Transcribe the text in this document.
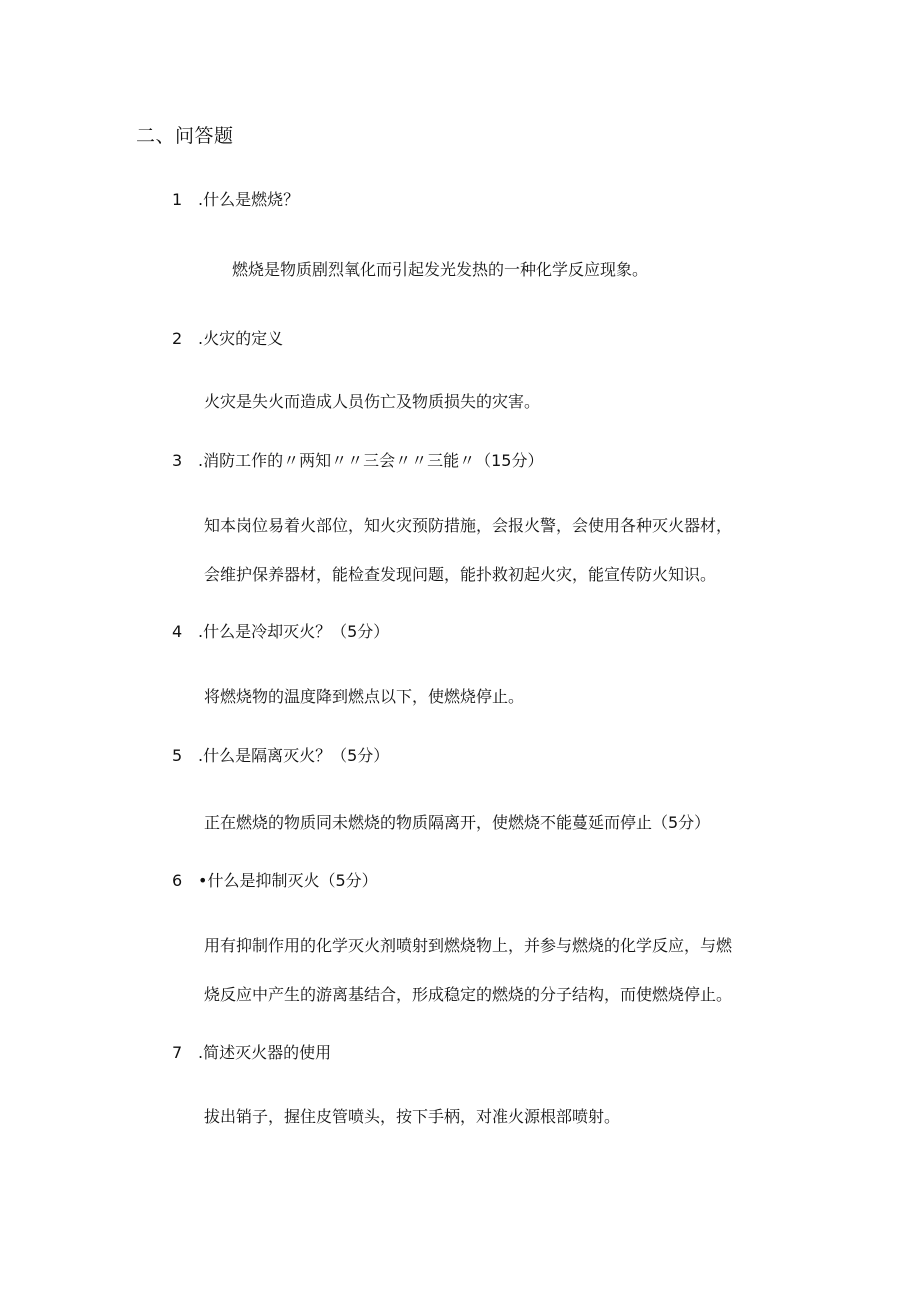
二、问答题
1 .什么是燃烧？
燃烧是物质剧烈氧化而引起发光发热的一种化学反应现象。
2 .火灾的定义
火灾是失火而造成人员伤亡及物质损失的灾害。
3 .消防工作的〃两知〃〃三会〃〃三能〃（15分）
知本岗位易着火部位，知火灾预防措施，会报火警，会使用各种灭火器材，
会维护保养器材，能检查发现问题，能扑救初起火灾，能宣传防火知识。
4 .什么是冷却灭火？（5分）
将燃烧物的温度降到燃点以下，使燃烧停止。
5 .什么是隔离灭火？（5分）
正在燃烧的物质同未燃烧的物质隔离开，使燃烧不能蔓延而停止（5分）
6 •什么是抑制灭火（5分）
用有抑制作用的化学灭火剂喷射到燃烧物上，并参与燃烧的化学反应，与燃
烧反应中产生的游离基结合，形成稳定的燃烧的分子结构，而使燃烧停止。
7 .简述灭火器的使用
拔出销子，握住皮管喷头，按下手柄，对准火源根部喷射。
